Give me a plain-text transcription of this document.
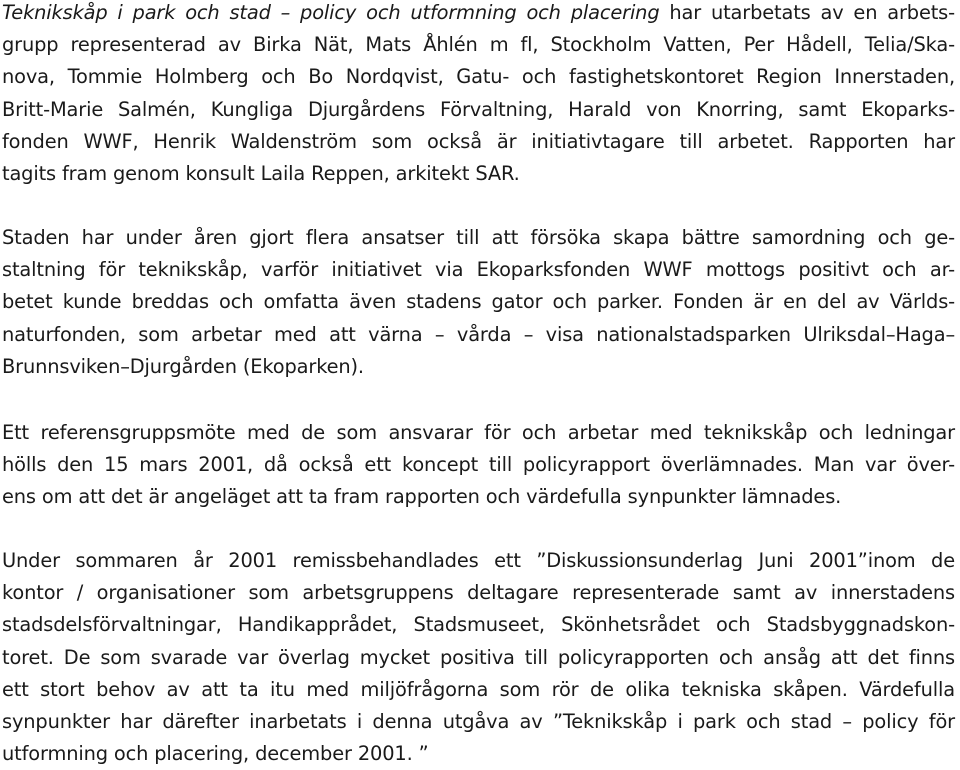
Teknikskåp i park och stad – policy och utformning och placering har utarbetats av en arbets-
grupp representerad av Birka Nät, Mats Åhlén m fl, Stockholm Vatten, Per Hådell, Telia/Ska-
nova, Tommie Holmberg och Bo Nordqvist, Gatu- och fastighetskontoret Region Innerstaden,
Britt-Marie Salmén, Kungliga Djurgårdens Förvaltning, Harald von Knorring, samt Ekoparks-
fonden WWF, Henrik Waldenström som också är initiativtagare till arbetet. Rapporten har
tagits fram genom konsult Laila Reppen, arkitekt SAR.
Staden har under åren gjort flera ansatser till att försöka skapa bättre samordning och ge-
staltning för teknikskåp, varför initiativet via Ekoparksfonden WWF mottogs positivt och ar-
betet kunde breddas och omfatta även stadens gator och parker. Fonden är en del av Världs-
naturfonden, som arbetar med att värna – vårda – visa nationalstadsparken Ulriksdal–Haga–
Brunnsviken–Djurgården (Ekoparken).
Ett referensgruppsmöte med de som ansvarar för och arbetar med teknikskåp och ledningar
hölls den 15 mars 2001, då också ett koncept till policyrapport överlämnades. Man var över-
ens om att det är angeläget att ta fram rapporten och värdefulla synpunkter lämnades.
Under sommaren år 2001 remissbehandlades ett ”Diskussionsunderlag Juni 2001”inom de
kontor / organisationer som arbetsgruppens deltagare representerade samt av innerstadens
stadsdelsförvaltningar, Handikapprådet, Stadsmuseet, Skönhetsrådet och Stadsbyggnadskon-
toret. De som svarade var överlag mycket positiva till policyrapporten och ansåg att det finns
ett stort behov av att ta itu med miljöfrågorna som rör de olika tekniska skåpen. Värdefulla
synpunkter har därefter inarbetats i denna utgåva av ”Teknikskåp i park och stad – policy för
utformning och placering, december 2001. ”
